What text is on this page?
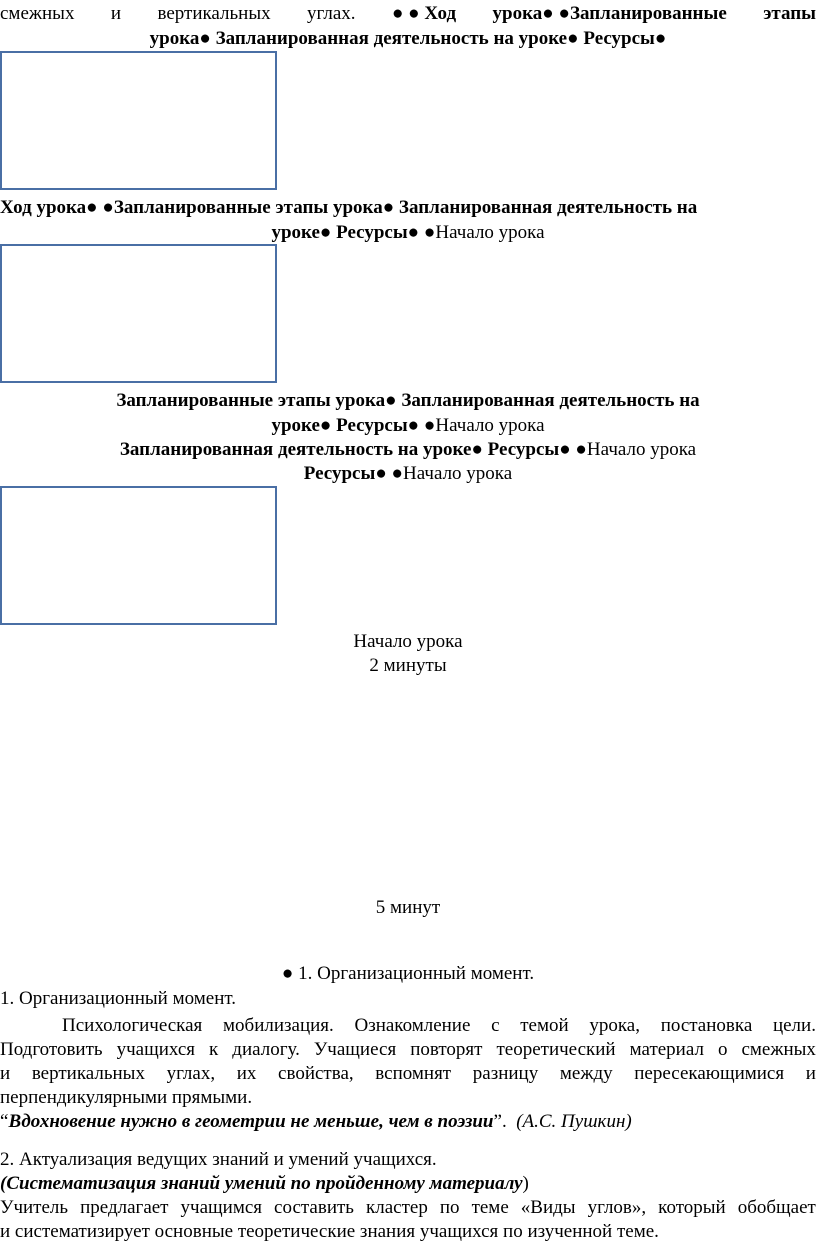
смежных и вертикальных углах. ● ● Ход урока● ●Запланированные этапы
урока● Запланированная деятельность на уроке● Ресурсы●
Ход урока● ●Запланированные этапы урока● Запланированная деятельность на
уроке● Ресурсы● ●Начало урока
Запланированные этапы урока● Запланированная деятельность на
уроке● Ресурсы● ●Начало урока
Запланированная деятельность на уроке● Ресурсы● ●Начало урока
Ресурсы● ●Начало урока
Начало урока
2 минуты
5 минут
● 1. Организационный момент.
1. Организационный момент.
Психологическая мобилизация. Ознакомление с темой урока, постановка цели.
Подготовить учащихся к диалогу. Учащиеся повторят теоретический материал о смежных
и вертикальных углах, их свойства, вспомнят разницу между пересекающимися и
перпендикулярными прямыми.
“Вдохновение нужно в геометрии не меньше, чем в поэзии”. (А.С. Пушкин)
2. Актуализация ведущих знаний и умений учащихся.
(Систематизация знаний умений по пройденному материалу)
Учитель предлагает учащимся составить кластер по теме «Виды углов», который обобщает
и систематизирует основные теоретические знания учащихся по изученной теме.
